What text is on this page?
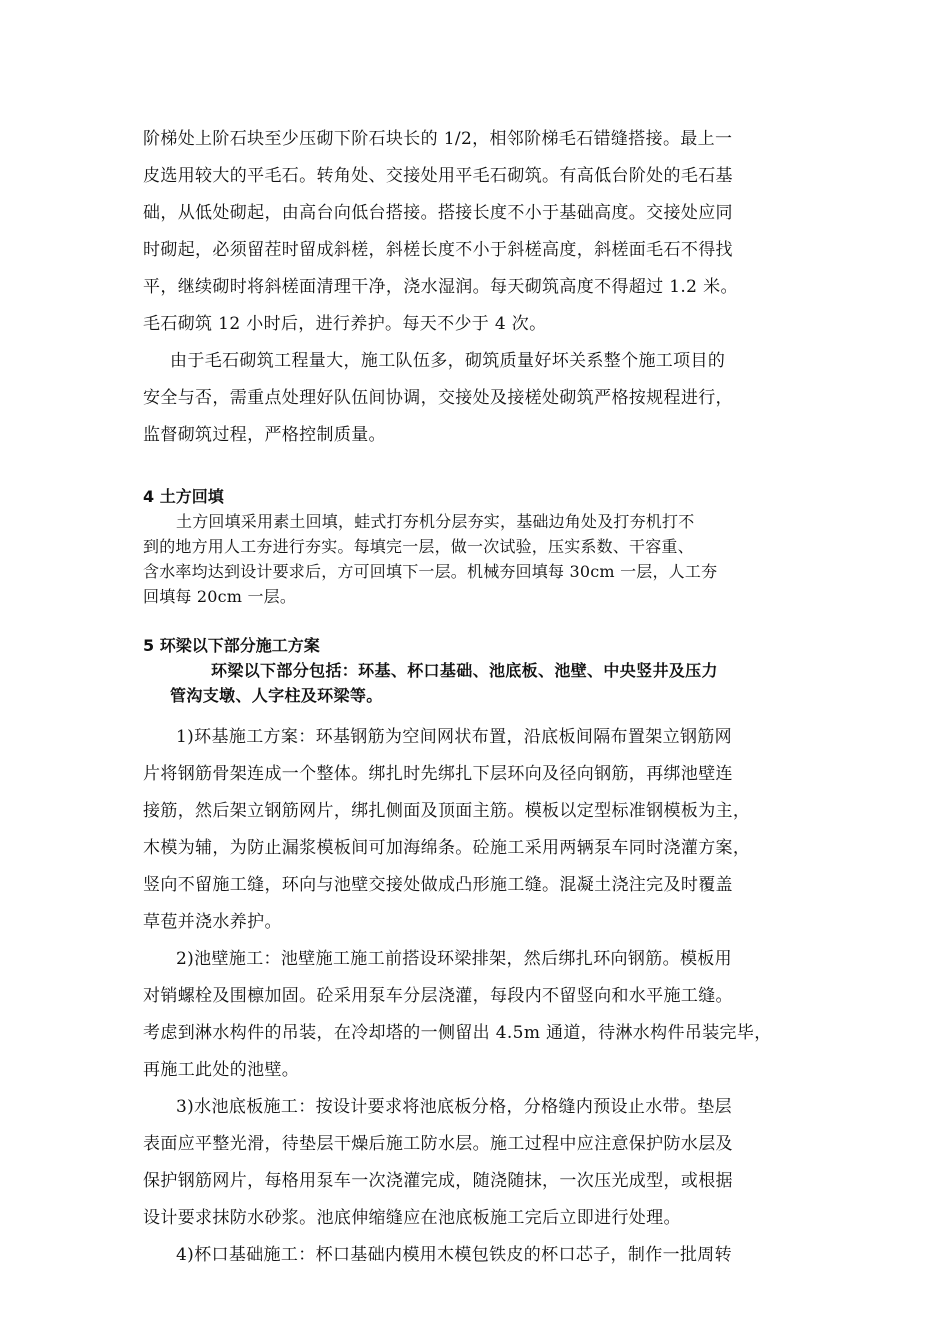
阶梯处上阶石块至少压砌下阶石块长的 1/2，相邻阶梯毛石错缝搭接。最上一
皮选用较大的平毛石。转角处、交接处用平毛石砌筑。有高低台阶处的毛石基
础，从低处砌起，由高台向低台搭接。搭接长度不小于基础高度。交接处应同
时砌起，必须留茬时留成斜槎，斜槎长度不小于斜槎高度，斜槎面毛石不得找
平，继续砌时将斜槎面清理干净，浇水湿润。每天砌筑高度不得超过 1.2 米。
毛石砌筑 12 小时后，进行养护。每天不少于 4 次。
由于毛石砌筑工程量大，施工队伍多，砌筑质量好坏关系整个施工项目的
安全与否，需重点处理好队伍间协调，交接处及接槎处砌筑严格按规程进行，
监督砌筑过程，严格控制质量。
4 土方回填
土方回填采用素土回填，蛙式打夯机分层夯实，基础边角处及打夯机打不
到的地方用人工夯进行夯实。每填完一层，做一次试验，压实系数、干容重、
含水率均达到设计要求后，方可回填下一层。机械夯回填每 30cm 一层，人工夯
回填每 20cm 一层。
5 环梁以下部分施工方案
环梁以下部分包括：环基、杯口基础、池底板、池壁、中央竖井及压力
管沟支墩、人字柱及环梁等。
1)环基施工方案：环基钢筋为空间网状布置，沿底板间隔布置架立钢筋网
片将钢筋骨架连成一个整体。绑扎时先绑扎下层环向及径向钢筋，再绑池壁连
接筋，然后架立钢筋网片，绑扎侧面及顶面主筋。模板以定型标准钢模板为主，
木模为辅，为防止漏浆模板间可加海绵条。砼施工采用两辆泵车同时浇灌方案，
竖向不留施工缝，环向与池壁交接处做成凸形施工缝。混凝土浇注完及时覆盖
草苞并浇水养护。
2)池壁施工：池壁施工施工前搭设环梁排架，然后绑扎环向钢筋。模板用
对销螺栓及围檩加固。砼采用泵车分层浇灌，每段内不留竖向和水平施工缝。
考虑到淋水构件的吊装，在冷却塔的一侧留出 4.5m 通道，待淋水构件吊装完毕，
再施工此处的池壁。
3)水池底板施工：按设计要求将池底板分格，分格缝内预设止水带。垫层
表面应平整光滑，待垫层干燥后施工防水层。施工过程中应注意保护防水层及
保护钢筋网片，每格用泵车一次浇灌完成，随浇随抹，一次压光成型，或根据
设计要求抹防水砂浆。池底伸缩缝应在池底板施工完后立即进行处理。
4)杯口基础施工：杯口基础内模用木模包铁皮的杯口芯子，制作一批周转
